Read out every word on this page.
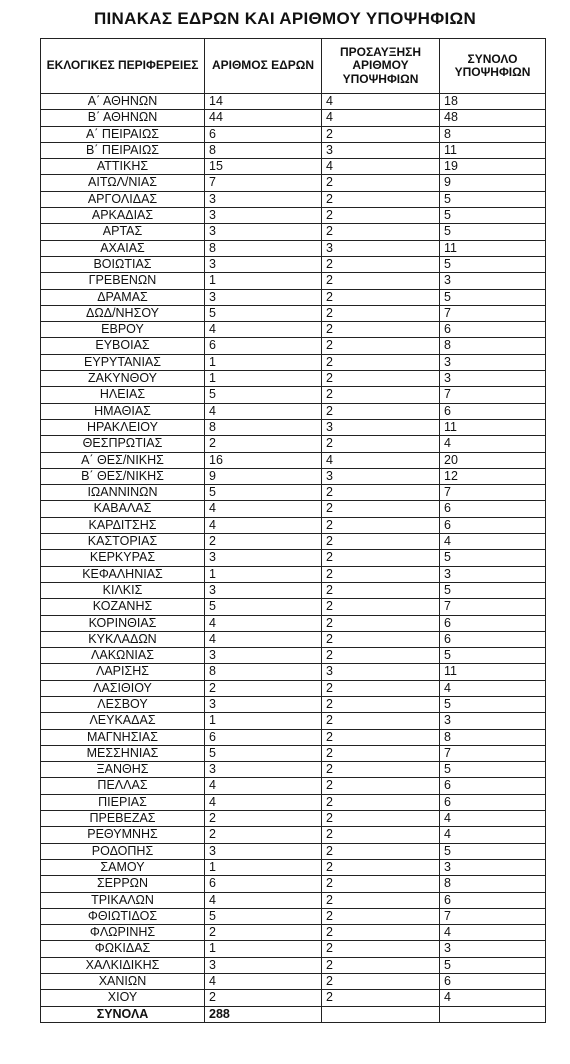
ΠΙΝΑΚΑΣ ΕΔΡΩΝ ΚΑΙ ΑΡΙΘΜΟΥ ΥΠΟΨΗΦΙΩΝ
ΕΚΛΟΓΙΚΕΣ ΠΕΡΙΦΕΡΕΙΕΣ	ΑΡΙΘΜΟΣ ΕΔΡΩΝ	ΠΡΟΣΑΥΞΗΣΗ ΑΡΙΘΜΟΥ ΥΠΟΨΗΦΙΩΝ	ΣΥΝΟΛΟ ΥΠΟΨΗΦΙΩΝ
Α΄ ΑΘΗΝΩΝ	14	4	18
Β΄ ΑΘΗΝΩΝ	44	4	48
Α΄ ΠΕΙΡΑΙΩΣ	6	2	8
Β΄ ΠΕΙΡΑΙΩΣ	8	3	11
ΑΤΤΙΚΗΣ	15	4	19
ΑΙΤΩΛ/ΝΙΑΣ	7	2	9
ΑΡΓΟΛΙΔΑΣ	3	2	5
ΑΡΚΑΔΙΑΣ	3	2	5
ΑΡΤΑΣ	3	2	5
ΑΧΑΙΑΣ	8	3	11
ΒΟΙΩΤΙΑΣ	3	2	5
ΓΡΕΒΕΝΩΝ	1	2	3
ΔΡΑΜΑΣ	3	2	5
ΔΩΔ/ΝΗΣΟΥ	5	2	7
ΕΒΡΟΥ	4	2	6
ΕΥΒΟΙΑΣ	6	2	8
ΕΥΡΥΤΑΝΙΑΣ	1	2	3
ΖΑΚΥΝΘΟΥ	1	2	3
ΗΛΕΙΑΣ	5	2	7
ΗΜΑΘΙΑΣ	4	2	6
ΗΡΑΚΛΕΙΟΥ	8	3	11
ΘΕΣΠΡΩΤΙΑΣ	2	2	4
Α΄ ΘΕΣ/ΝΙΚΗΣ	16	4	20
Β΄ ΘΕΣ/ΝΙΚΗΣ	9	3	12
ΙΩΑΝΝΙΝΩΝ	5	2	7
ΚΑΒΑΛΑΣ	4	2	6
ΚΑΡΔΙΤΣΗΣ	4	2	6
ΚΑΣΤΟΡΙΑΣ	2	2	4
ΚΕΡΚΥΡΑΣ	3	2	5
ΚΕΦΑΛΗΝΙΑΣ	1	2	3
ΚΙΛΚΙΣ	3	2	5
ΚΟΖΑΝΗΣ	5	2	7
ΚΟΡΙΝΘΙΑΣ	4	2	6
ΚΥΚΛΑΔΩΝ	4	2	6
ΛΑΚΩΝΙΑΣ	3	2	5
ΛΑΡΙΣΗΣ	8	3	11
ΛΑΣΙΘΙΟΥ	2	2	4
ΛΕΣΒΟΥ	3	2	5
ΛΕΥΚΑΔΑΣ	1	2	3
ΜΑΓΝΗΣΙΑΣ	6	2	8
ΜΕΣΣΗΝΙΑΣ	5	2	7
ΞΑΝΘΗΣ	3	2	5
ΠΕΛΛΑΣ	4	2	6
ΠΙΕΡΙΑΣ	4	2	6
ΠΡΕΒΕΖΑΣ	2	2	4
ΡΕΘΥΜΝΗΣ	2	2	4
ΡΟΔΟΠΗΣ	3	2	5
ΣΑΜΟΥ	1	2	3
ΣΕΡΡΩΝ	6	2	8
ΤΡΙΚΑΛΩΝ	4	2	6
ΦΘΙΩΤΙΔΟΣ	5	2	7
ΦΛΩΡΙΝΗΣ	2	2	4
ΦΩΚΙΔΑΣ	1	2	3
ΧΑΛΚΙΔΙΚΗΣ	3	2	5
ΧΑΝΙΩΝ	4	2	6
ΧΙΟΥ	2	2	4
ΣΥΝΟΛΑ	288		
